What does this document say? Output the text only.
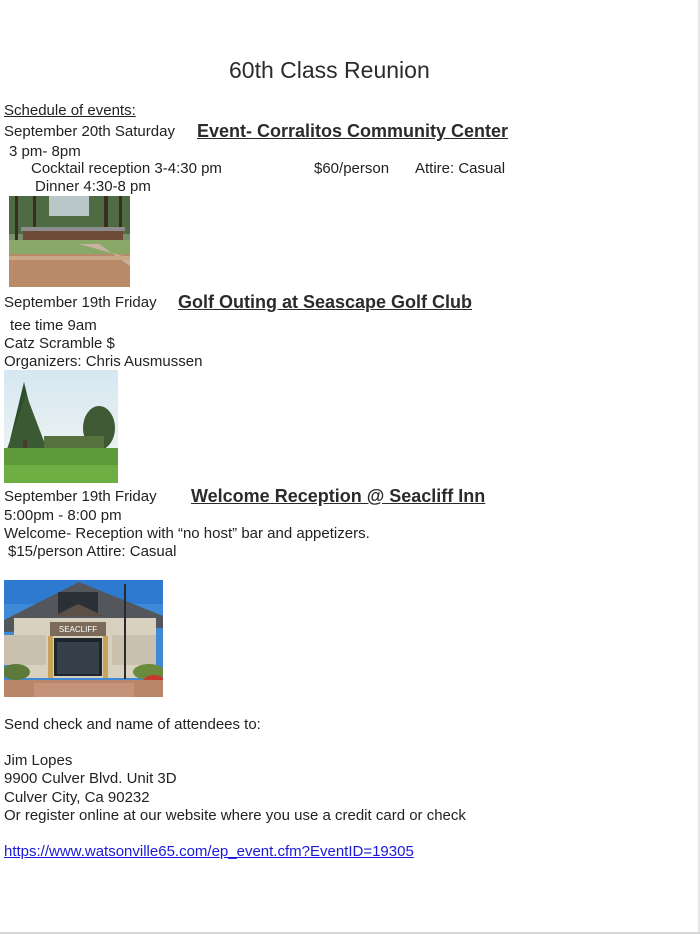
60th Class Reunion
Schedule of events:
September 20th Saturday Event- Corralitos Community Center
3 pm- 8pm
Cocktail reception 3-4:30 pm	$60/person Attire: Casual
Dinner 4:30-8 pm
September 19th Friday Golf Outing at Seascape Golf Club
tee time 9am
Catz Scramble $
Organizers: Chris Ausmussen
September 19th Friday Welcome Reception @ Seacliff Inn
5:00pm - 8:00 pm
Welcome- Reception with “no host” bar and appetizers.
$15/person Attire: Casual
SEACLIFF
Send check and name of attendees to:
Jim Lopes
9900 Culver Blvd. Unit 3D
Culver City, Ca 90232
Or register online at our website where you use a credit card or check
https://www.watsonville65.com/ep_event.cfm?EventID=19305
